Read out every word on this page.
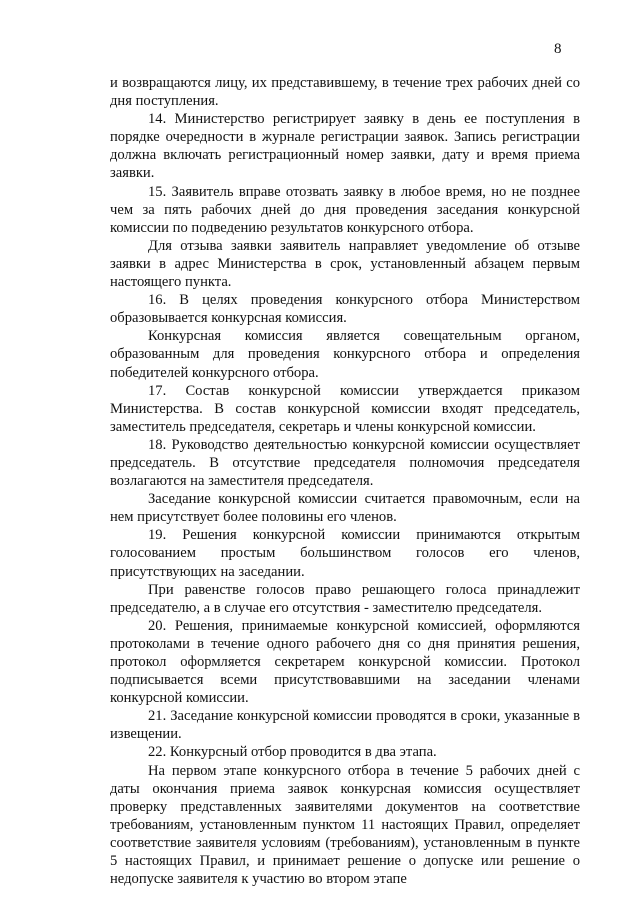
8

и возвращаются лицу, их представившему, в течение трех рабочих дней со дня поступления.

14. Министерство регистрирует заявку в день ее поступления в порядке очередности в журнале регистрации заявок. Запись регистрации должна включать регистрационный номер заявки, дату и время приема заявки.

15. Заявитель вправе отозвать заявку в любое время, но не позднее чем за пять рабочих дней до дня проведения заседания конкурсной комиссии по подведению результатов конкурсного отбора.

Для отзыва заявки заявитель направляет уведомление об отзыве заявки в адрес Министерства в срок, установленный абзацем первым настоящего пункта.

16. В целях проведения конкурсного отбора Министерством образовывается конкурсная комиссия.

Конкурсная комиссия является совещательным органом, образованным для проведения конкурсного отбора и определения победителей конкурсного отбора.

17. Состав конкурсной комиссии утверждается приказом Министерства. В состав конкурсной комиссии входят председатель, заместитель председателя, секретарь и члены конкурсной комиссии.

18. Руководство деятельностью конкурсной комиссии осуществляет председатель. В отсутствие председателя полномочия председателя возлагаются на заместителя председателя.

Заседание конкурсной комиссии считается правомочным, если на нем присутствует более половины его членов.

19. Решения конкурсной комиссии принимаются открытым голосованием простым большинством голосов его членов, присутствующих на заседании.

При равенстве голосов право решающего голоса принадлежит председателю, а в случае его отсутствия - заместителю председателя.

20. Решения, принимаемые конкурсной комиссией, оформляются протоколами в течение одного рабочего дня со дня принятия решения, протокол оформляется секретарем конкурсной комиссии. Протокол подписывается всеми присутствовавшими на заседании членами конкурсной комиссии.

21. Заседание конкурсной комиссии проводятся в сроки, указанные в извещении.

22. Конкурсный отбор проводится в два этапа.

На первом этапе конкурсного отбора в течение 5 рабочих дней с даты окончания приема заявок конкурсная комиссия осуществляет проверку представленных заявителями документов на соответствие требованиям, установленным пунктом 11 настоящих Правил, определяет соответствие заявителя условиям (требованиям), установленным в пункте 5 настоящих Правил, и принимает решение о допуске или решение о недопуске заявителя к участию во втором этапе
